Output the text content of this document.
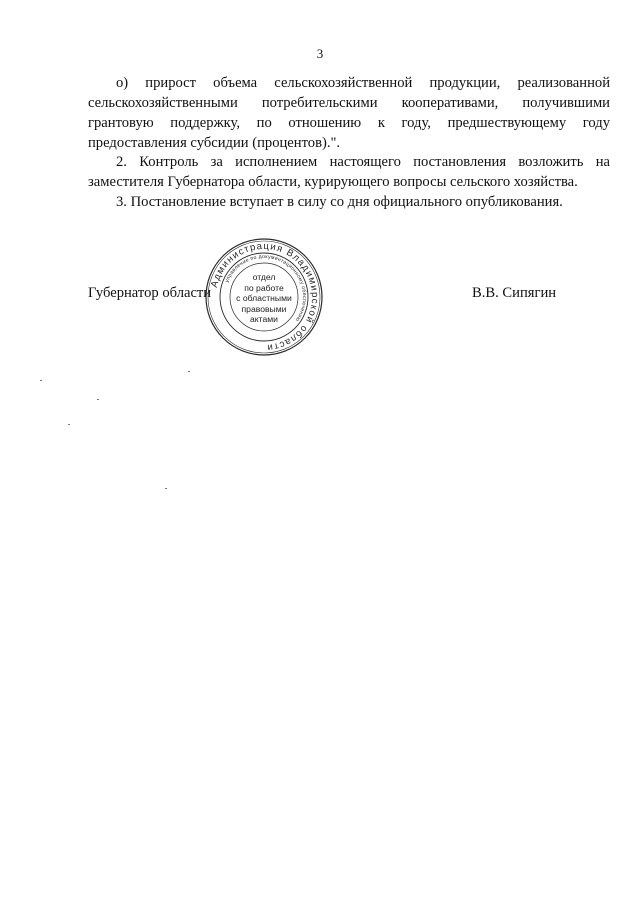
3
о) прирост объема сельскохозяйственной продукции, реализованной сельскохозяйственными потребительскими кооперативами, получившими грантовую поддержку, по отношению к году, предшествующему году предоставления субсидии (процентов).".
2. Контроль за исполнением настоящего постановления возложить на заместителя Губернатора области, курирующего вопросы сельского хозяйства.
3. Постановление вступает в силу со дня официального опубликования.
Губернатор области	В.В. Сипягин
Администрация Владимирской области
управление по документационному обеспечению
отдел
по работе
с областными
правовыми
актами
